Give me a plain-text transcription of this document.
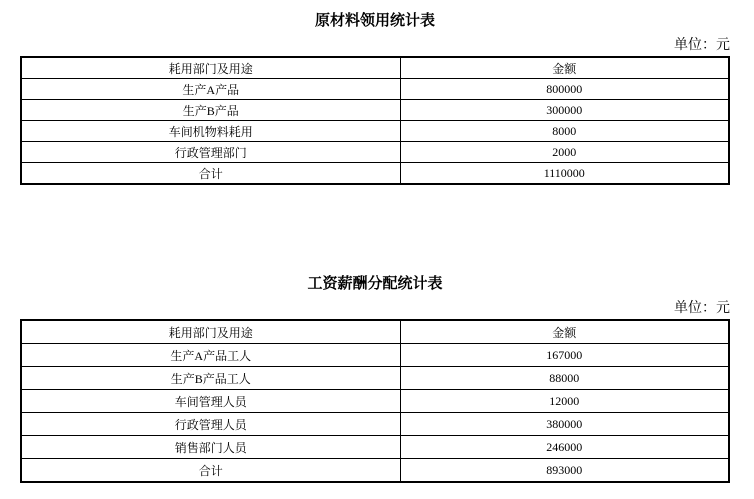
原材料领用统计表
单位：元
耗用部门及用途	金额
生产A产品	800000
生产B产品	300000
车间机物料耗用	8000
行政管理部门	2000
合计	1110000
工资薪酬分配统计表
单位：元
耗用部门及用途	金额
生产A产品工人	167000
生产B产品工人	88000
车间管理人员	12000
行政管理人员	380000
销售部门人员	246000
合计	893000
